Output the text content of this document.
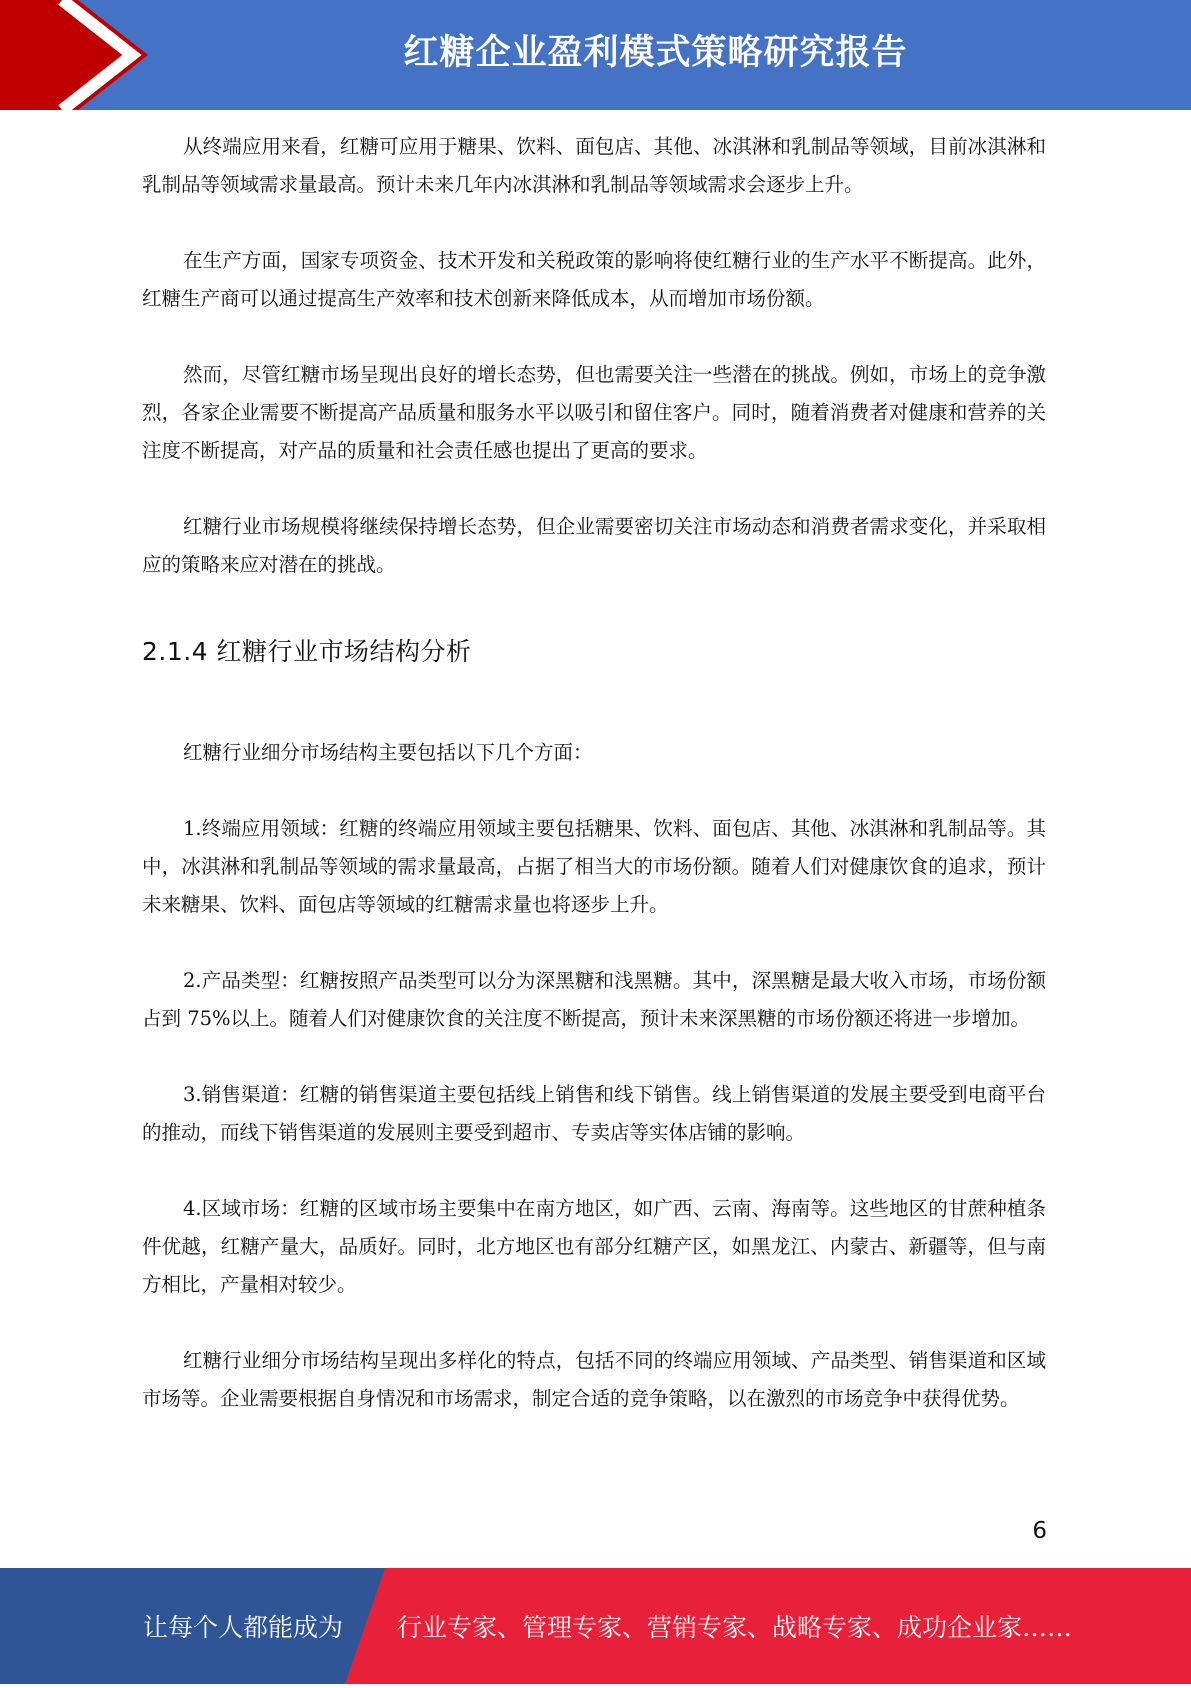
红糖企业盈利模式策略研究报告

从终端应用来看，红糖可应用于糖果、饮料、面包店、其他、冰淇淋和乳制品等领域，目前冰淇淋和乳制品等领域需求量最高。预计未来几年内冰淇淋和乳制品等领域需求会逐步上升。

在生产方面，国家专项资金、技术开发和关税政策的影响将使红糖行业的生产水平不断提高。此外，红糖生产商可以通过提高生产效率和技术创新来降低成本，从而增加市场份额。

然而，尽管红糖市场呈现出良好的增长态势，但也需要关注一些潜在的挑战。例如，市场上的竞争激烈，各家企业需要不断提高产品质量和服务水平以吸引和留住客户。同时，随着消费者对健康和营养的关注度不断提高，对产品的质量和社会责任感也提出了更高的要求。

红糖行业市场规模将继续保持增长态势，但企业需要密切关注市场动态和消费者需求变化，并采取相应的策略来应对潜在的挑战。

2.1.4 红糖行业市场结构分析

红糖行业细分市场结构主要包括以下几个方面：

1.终端应用领域：红糖的终端应用领域主要包括糖果、饮料、面包店、其他、冰淇淋和乳制品等。其中，冰淇淋和乳制品等领域的需求量最高，占据了相当大的市场份额。随着人们对健康饮食的追求，预计未来糖果、饮料、面包店等领域的红糖需求量也将逐步上升。

2.产品类型：红糖按照产品类型可以分为深黑糖和浅黑糖。其中，深黑糖是最大收入市场，市场份额占到 75%以上。随着人们对健康饮食的关注度不断提高，预计未来深黑糖的市场份额还将进一步增加。

3.销售渠道：红糖的销售渠道主要包括线上销售和线下销售。线上销售渠道的发展主要受到电商平台的推动，而线下销售渠道的发展则主要受到超市、专卖店等实体店铺的影响。

4.区域市场：红糖的区域市场主要集中在南方地区，如广西、云南、海南等。这些地区的甘蔗种植条件优越，红糖产量大，品质好。同时，北方地区也有部分红糖产区，如黑龙江、内蒙古、新疆等，但与南方相比，产量相对较少。

红糖行业细分市场结构呈现出多样化的特点，包括不同的终端应用领域、产品类型、销售渠道和区域市场等。企业需要根据自身情况和市场需求，制定合适的竞争策略，以在激烈的市场竞争中获得优势。

6
让每个人都能成为 行业专家、管理专家、营销专家、战略专家、成功企业家……
